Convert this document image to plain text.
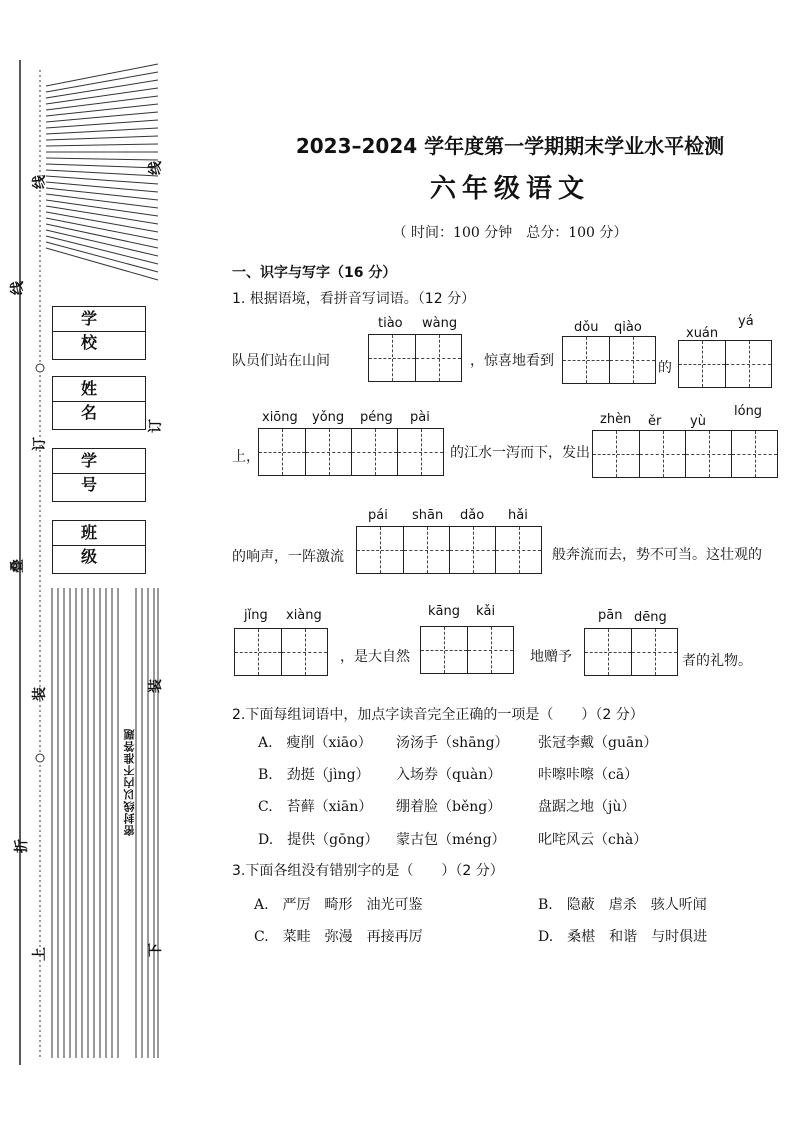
线
线
线
订
订
叠
装
装
折
上	下
学 校
姓 名
学 号
班 级
密封线以内不准答题
2023–2024 学年度第一学期期末学业水平检测
六年级语文
（ 时间：100 分钟　总分：100 分）
一、识字与写字（16 分）
1. 根据语境，看拼音写词语。（12 分）
队员们站在山间
tiào wàng
，惊喜地看到
dǒu qiào
的
xuán
yá
上，
xiōng yǒng péng pài
的江水一泻而下，发出
zhèn ěr yù
lóng
的响声，一阵激流
pái shān dǎo hǎi
般奔流而去，势不可当。这壮观的
jǐng xiàng
，是大自然
kāng kǎi
地赠予
pān dēng
者的礼物。
2.下面每组词语中，加点字读音完全正确的一项是（　　）（2 分）
A.　瘦削（xiāo） 汤汤手（shāng） 张冠李戴（guān）
B.　劲挺（jìng） 入场券（quàn）	咔嚓咔嚓（cā）
C.　苔藓（xiān） 绷着脸（běng）	盘踞之地（jù）
D.　提供（gōng） 蒙古包（méng） 叱咤风云（chà）
3.下面各组没有错别字的是（　　）（2 分）
A.　严厉　畸形　油光可鉴	B.　隐蔽　虐杀　骇人听闻
C.　菜畦　弥漫　再接再厉	D.　桑椹　和谐　与时俱进
